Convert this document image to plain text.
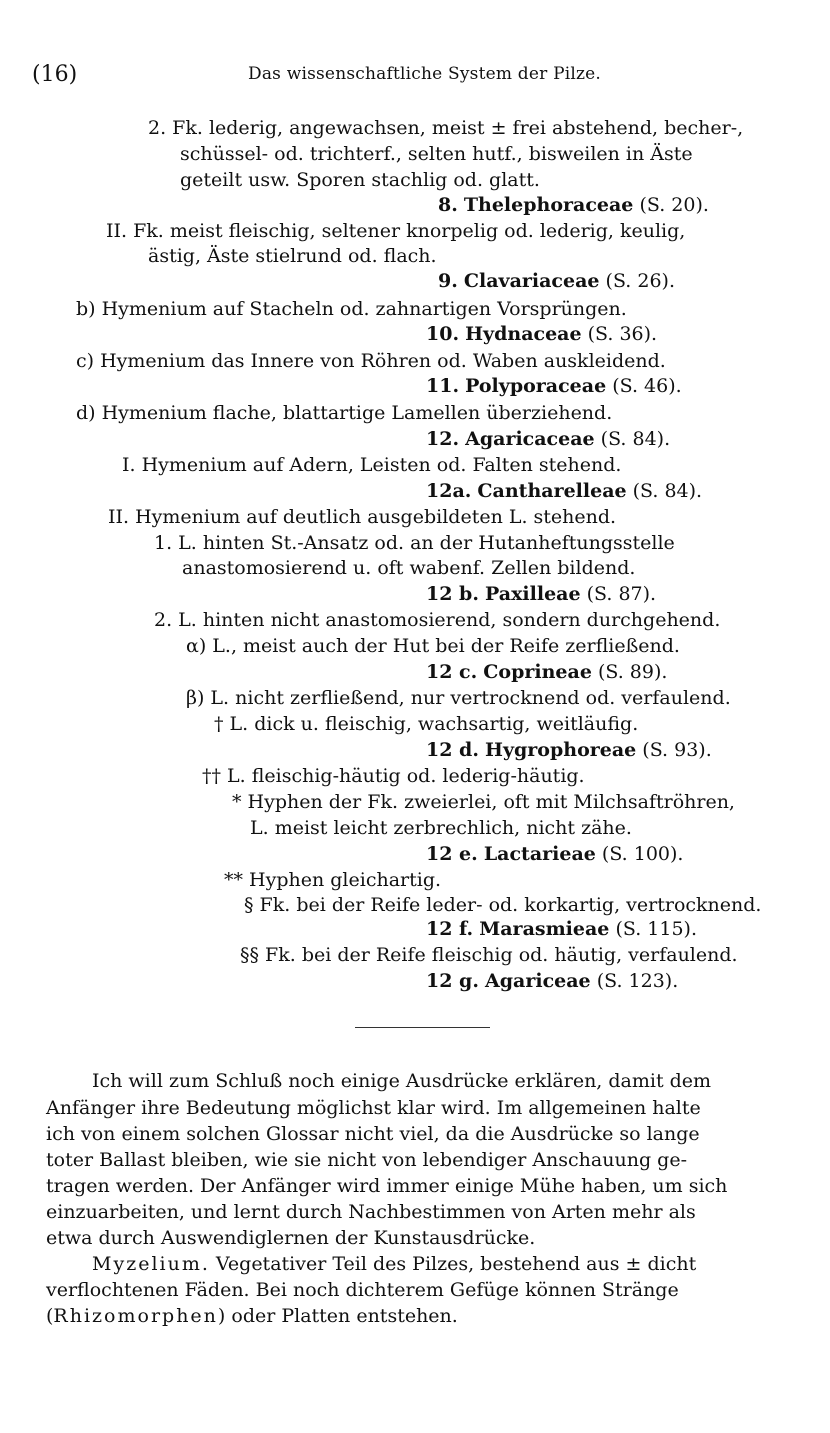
(16)	Das wissenschaftliche System der Pilze.
2. Fk. lederig, angewachsen, meist ± frei abstehend, becher-,
schüssel- od. trichterf., selten hutf., bisweilen in Äste
geteilt usw. Sporen stachlig od. glatt.
8. Thelephoraceae (S. 20).
II. Fk. meist fleischig, seltener knorpelig od. lederig, keulig,
ästig, Äste stielrund od. flach.
9. Clavariaceae (S. 26).
b) Hymenium auf Stacheln od. zahnartigen Vorsprüngen.
10. Hydnaceae (S. 36).
c) Hymenium das Innere von Röhren od. Waben auskleidend.
11. Polyporaceae (S. 46).
d) Hymenium flache, blattartige Lamellen überziehend.
12. Agaricaceae (S. 84).
I. Hymenium auf Adern, Leisten od. Falten stehend.
12a. Cantharelleae (S. 84).
II. Hymenium auf deutlich ausgebildeten L. stehend.
1. L. hinten St.-Ansatz od. an der Hutanheftungsstelle
anastomosierend u. oft wabenf. Zellen bildend.
12 b. Paxilleae (S. 87).
2. L. hinten nicht anastomosierend, sondern durchgehend.
α) L., meist auch der Hut bei der Reife zerfließend.
12 c. Coprineae (S. 89).
β) L. nicht zerfließend, nur vertrocknend od. verfaulend.
† L. dick u. fleischig, wachsartig, weitläufig.
12 d. Hygrophoreae (S. 93).
†† L. fleischig-häutig od. lederig-häutig.
* Hyphen der Fk. zweierlei, oft mit Milchsaftröhren,
L. meist leicht zerbrechlich, nicht zähe.
12 e. Lactarieae (S. 100).
** Hyphen gleichartig.
§ Fk. bei der Reife leder- od. korkartig, vertrocknend.
12 f. Marasmieae (S. 115).
§§ Fk. bei der Reife fleischig od. häutig, verfaulend.
12 g. Agariceae (S. 123).
Ich will zum Schluß noch einige Ausdrücke erklären, damit dem
Anfänger ihre Bedeutung möglichst klar wird. Im allgemeinen halte
ich von einem solchen Glossar nicht viel, da die Ausdrücke so lange
toter Ballast bleiben, wie sie nicht von lebendiger Anschauung ge-
tragen werden. Der Anfänger wird immer einige Mühe haben, um sich
einzuarbeiten, und lernt durch Nachbestimmen von Arten mehr als
etwa durch Auswendiglernen der Kunstausdrücke.
Myzelium. Vegetativer Teil des Pilzes, bestehend aus ± dicht
verflochtenen Fäden. Bei noch dichterem Gefüge können Stränge
(Rhizomorphen) oder Platten entstehen.
